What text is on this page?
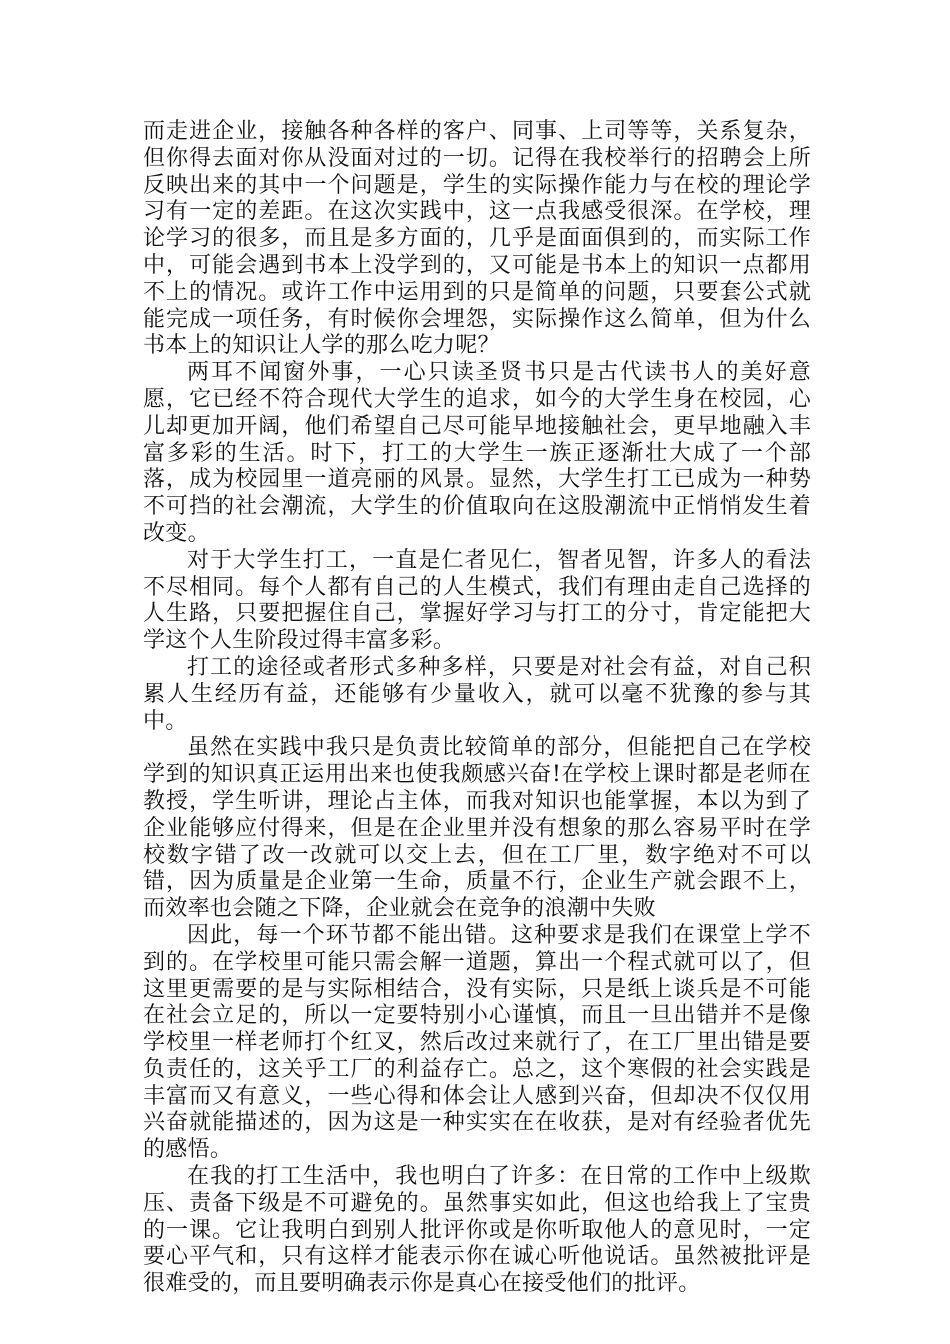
而走进企业，接触各种各样的客户、同事、上司等等，关系复杂，但你得去面对你从没面对过的一切。记得在我校举行的招聘会上所反映出来的其中一个问题是，学生的实际操作能力与在校的理论学习有一定的差距。在这次实践中，这一点我感受很深。在学校，理论学习的很多，而且是多方面的，几乎是面面俱到的，而实际工作中，可能会遇到书本上没学到的，又可能是书本上的知识一点都用不上的情况。或许工作中运用到的只是简单的问题，只要套公式就能完成一项任务，有时候你会埋怨，实际操作这么简单，但为什么书本上的知识让人学的那么吃力呢？

两耳不闻窗外事，一心只读圣贤书只是古代读书人的美好意愿，它已经不符合现代大学生的追求，如今的大学生身在校园，心儿却更加开阔，他们希望自己尽可能早地接触社会，更早地融入丰富多彩的生活。时下，打工的大学生一族正逐渐壮大成了一个部落，成为校园里一道亮丽的风景。显然，大学生打工已成为一种势不可挡的社会潮流，大学生的价值取向在这股潮流中正悄悄发生着改变。

对于大学生打工，一直是仁者见仁，智者见智，许多人的看法不尽相同。每个人都有自己的人生模式，我们有理由走自己选择的人生路，只要把握住自己，掌握好学习与打工的分寸，肯定能把大学这个人生阶段过得丰富多彩。

打工的途径或者形式多种多样，只要是对社会有益，对自己积累人生经历有益，还能够有少量收入，就可以毫不犹豫的参与其中。

虽然在实践中我只是负责比较简单的部分，但能把自己在学校学到的知识真正运用出来也使我颇感兴奋!在学校上课时都是老师在教授，学生听讲，理论占主体，而我对知识也能掌握，本以为到了企业能够应付得来，但是在企业里并没有想象的那么容易平时在学校数字错了改一改就可以交上去，但在工厂里，数字绝对不可以错，因为质量是企业第一生命，质量不行，企业生产就会跟不上，而效率也会随之下降，企业就会在竞争的浪潮中失败

因此，每一个环节都不能出错。这种要求是我们在课堂上学不到的。在学校里可能只需会解一道题，算出一个程式就可以了，但这里更需要的是与实际相结合，没有实际，只是纸上谈兵是不可能在社会立足的，所以一定要特别小心谨慎，而且一旦出错并不是像学校里一样老师打个红叉，然后改过来就行了，在工厂里出错是要负责任的，这关乎工厂的利益存亡。总之，这个寒假的社会实践是丰富而又有意义，一些心得和体会让人感到兴奋，但却决不仅仅用兴奋就能描述的，因为这是一种实实在在收获，是对有经验者优先的感悟。

在我的打工生活中，我也明白了许多：在日常的工作中上级欺压、责备下级是不可避免的。虽然事实如此，但这也给我上了宝贵的一课。它让我明白到别人批评你或是你听取他人的意见时，一定要心平气和，只有这样才能表示你在诚心听他说话。虽然被批评是很难受的，而且要明确表示你是真心在接受他们的批评。
